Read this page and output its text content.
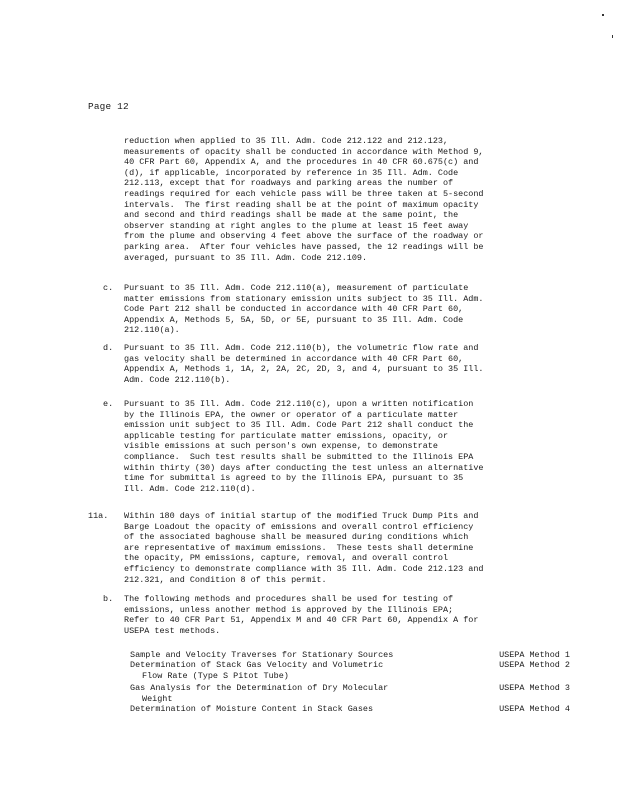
Page 12
reduction when applied to 35 Ill. Adm. Code 212.122 and 212.123,
measurements of opacity shall be conducted in accordance with Method 9,
40 CFR Part 60, Appendix A, and the procedures in 40 CFR 60.675(c) and
(d), if applicable, incorporated by reference in 35 Ill. Adm. Code
212.113, except that for roadways and parking areas the number of
readings required for each vehicle pass will be three taken at 5-second
intervals.  The first reading shall be at the point of maximum opacity
and second and third readings shall be made at the same point, the
observer standing at right angles to the plume at least 15 feet away
from the plume and observing 4 feet above the surface of the roadway or
parking area.  After four vehicles have passed, the 12 readings will be
averaged, pursuant to 35 Ill. Adm. Code 212.109.
c. Pursuant to 35 Ill. Adm. Code 212.110(a), measurement of particulate
matter emissions from stationary emission units subject to 35 Ill. Adm.
Code Part 212 shall be conducted in accordance with 40 CFR Part 60,
Appendix A, Methods 5, 5A, 5D, or 5E, pursuant to 35 Ill. Adm. Code
212.110(a).
d. Pursuant to 35 Ill. Adm. Code 212.110(b), the volumetric flow rate and
gas velocity shall be determined in accordance with 40 CFR Part 60,
Appendix A, Methods 1, 1A, 2, 2A, 2C, 2D, 3, and 4, pursuant to 35 Ill.
Adm. Code 212.110(b).
e. Pursuant to 35 Ill. Adm. Code 212.110(c), upon a written notification
by the Illinois EPA, the owner or operator of a particulate matter
emission unit subject to 35 Ill. Adm. Code Part 212 shall conduct the
applicable testing for particulate matter emissions, opacity, or
visible emissions at such person's own expense, to demonstrate
compliance.  Such test results shall be submitted to the Illinois EPA
within thirty (30) days after conducting the test unless an alternative
time for submittal is agreed to by the Illinois EPA, pursuant to 35
Ill. Adm. Code 212.110(d).
11a. Within 180 days of initial startup of the modified Truck Dump Pits and
Barge Loadout the opacity of emissions and overall control efficiency
of the associated baghouse shall be measured during conditions which
are representative of maximum emissions.  These tests shall determine
the opacity, PM emissions, capture, removal, and overall control
efficiency to demonstrate compliance with 35 Ill. Adm. Code 212.123 and
212.321, and Condition 8 of this permit.
b. The following methods and procedures shall be used for testing of
emissions, unless another method is approved by the Illinois EPA;
Refer to 40 CFR Part 51, Appendix M and 40 CFR Part 60, Appendix A for
USEPA test methods.
Sample and Velocity Traverses for Stationary Sources	USEPA Method 1
Determination of Stack Gas Velocity and Volumetric
Flow Rate (Type S Pitot Tube)
USEPA Method 2
Gas Analysis for the Determination of Dry Molecular
Weight
USEPA Method 3
Determination of Moisture Content in Stack Gases	USEPA Method 4
